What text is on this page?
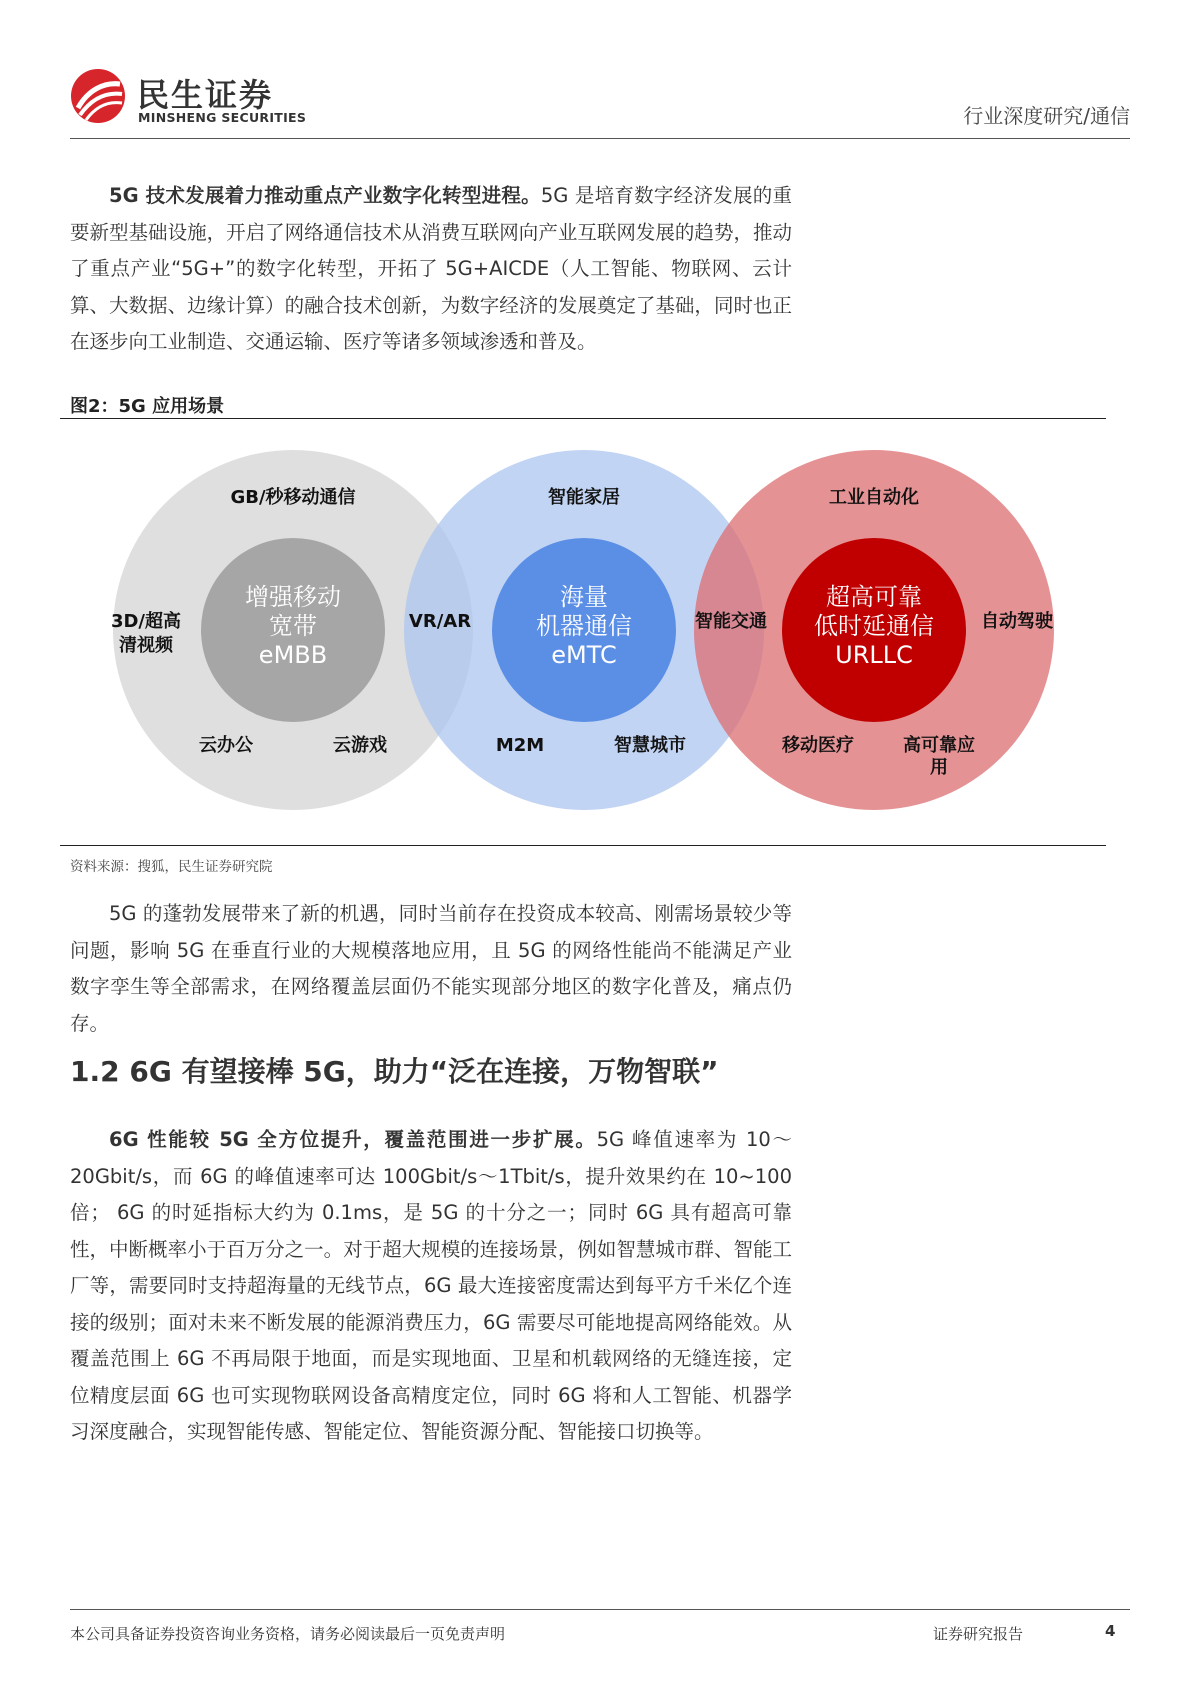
民生证券
MINSHENG SECURITIES	行业深度研究/通信

5G 技术发展着力推动重点产业数字化转型进程。5G 是培育数字经济发展的重要新型基础设施，开启了网络通信技术从消费互联网向产业互联网发展的趋势，推动了重点产业“5G+”的数字化转型，开拓了 5G+AICDE（人工智能、物联网、云计算、大数据、边缘计算）的融合技术创新，为数字经济的发展奠定了基础，同时也正在逐步向工业制造、交通运输、医疗等诸多领域渗透和普及。

图2：5G 应用场景
增强移动
宽带
eMBB
海量
机器通信
eMTC
超高可靠
低时延通信
URLLC
GB/秒移动通信
3D/超高
清视频
云办公	云游戏
VR/AR
智能家居
M2M	智慧城市
智能交通
工业自动化
自动驾驶
移动医疗	高可靠应
用
资料来源：搜狐，民生证券研究院

5G 的蓬勃发展带来了新的机遇，同时当前存在投资成本较高、刚需场景较少等问题，影响 5G 在垂直行业的大规模落地应用，且 5G 的网络性能尚不能满足产业数字孪生等全部需求，在网络覆盖层面仍不能实现部分地区的数字化普及，痛点仍存。

1.2 6G 有望接棒 5G，助力“泛在连接，万物智联”

6G 性能较 5G 全方位提升，覆盖范围进一步扩展。5G 峰值速率为 10～20Gbit/s，而 6G 的峰值速率可达 100Gbit/s～1Tbit/s，提升效果约在 10~100 倍； 6G 的时延指标大约为 0.1ms，是 5G 的十分之一；同时 6G 具有超高可靠性，中断概率小于百万分之一。对于超大规模的连接场景，例如智慧城市群、智能工厂等，需要同时支持超海量的无线节点，6G 最大连接密度需达到每平方千米亿个连接的级别；面对未来不断发展的能源消费压力，6G 需要尽可能地提高网络能效。从覆盖范围上 6G 不再局限于地面，而是实现地面、卫星和机载网络的无缝连接，定位精度层面 6G 也可实现物联网设备高精度定位，同时 6G 将和人工智能、机器学习深度融合，实现智能传感、智能定位、智能资源分配、智能接口切换等。

本公司具备证券投资咨询业务资格，请务必阅读最后一页免责声明	证券研究报告	4
